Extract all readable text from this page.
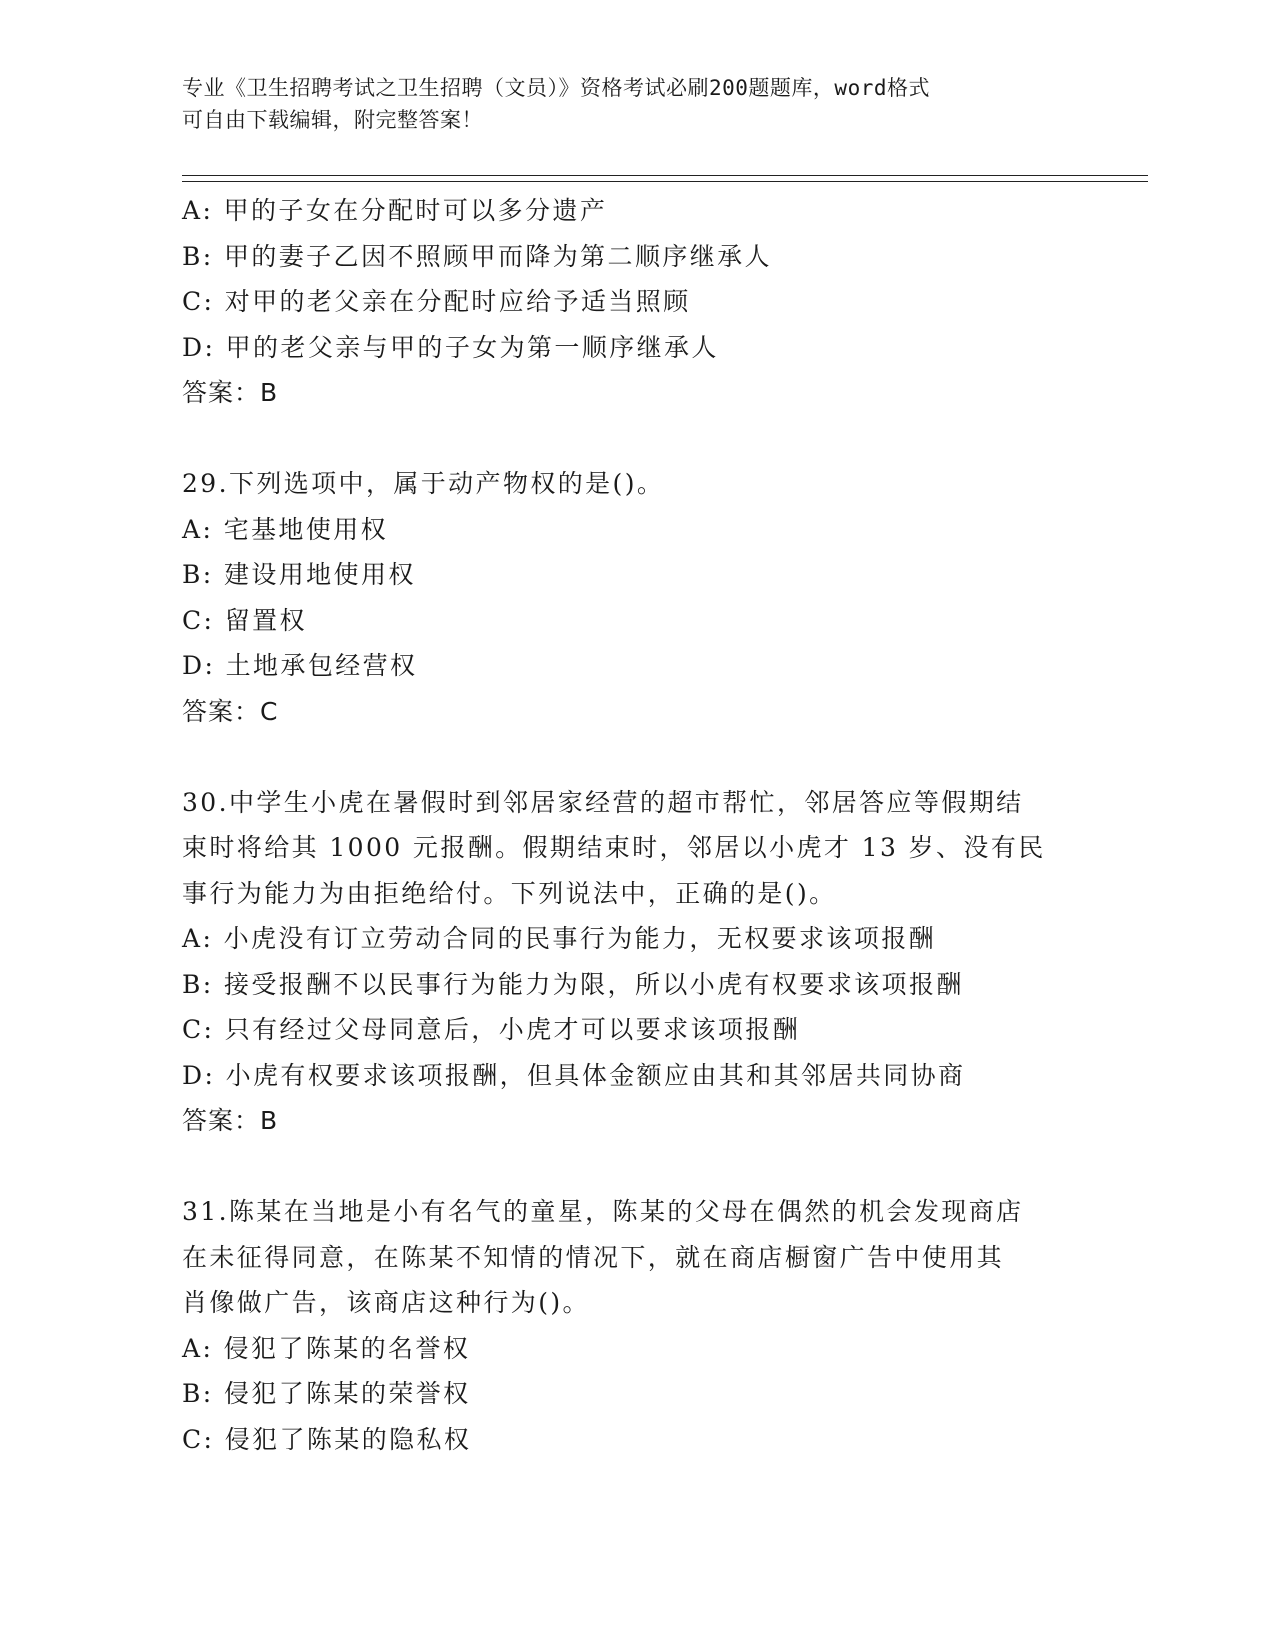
专业《卫生招聘考试之卫生招聘（文员）》资格考试必刷200题题库，word格式
可自由下载编辑，附完整答案！
A: 甲的子女在分配时可以多分遗产
B: 甲的妻子乙因不照顾甲而降为第二顺序继承人
C: 对甲的老父亲在分配时应给予适当照顾
D: 甲的老父亲与甲的子女为第一顺序继承人
答案：B
29.下列选项中，属于动产物权的是()。
A: 宅基地使用权
B: 建设用地使用权
C: 留置权
D: 土地承包经营权
答案：C
30.中学生小虎在暑假时到邻居家经营的超市帮忙，邻居答应等假期结
束时将给其 1000 元报酬。假期结束时，邻居以小虎才 13 岁、没有民
事行为能力为由拒绝给付。下列说法中，正确的是()。
A: 小虎没有订立劳动合同的民事行为能力，无权要求该项报酬
B: 接受报酬不以民事行为能力为限，所以小虎有权要求该项报酬
C: 只有经过父母同意后，小虎才可以要求该项报酬
D: 小虎有权要求该项报酬，但具体金额应由其和其邻居共同协商
答案：B
31.陈某在当地是小有名气的童星，陈某的父母在偶然的机会发现商店
在未征得同意，在陈某不知情的情况下，就在商店橱窗广告中使用其
肖像做广告，该商店这种行为()。
A: 侵犯了陈某的名誉权
B: 侵犯了陈某的荣誉权
C: 侵犯了陈某的隐私权
